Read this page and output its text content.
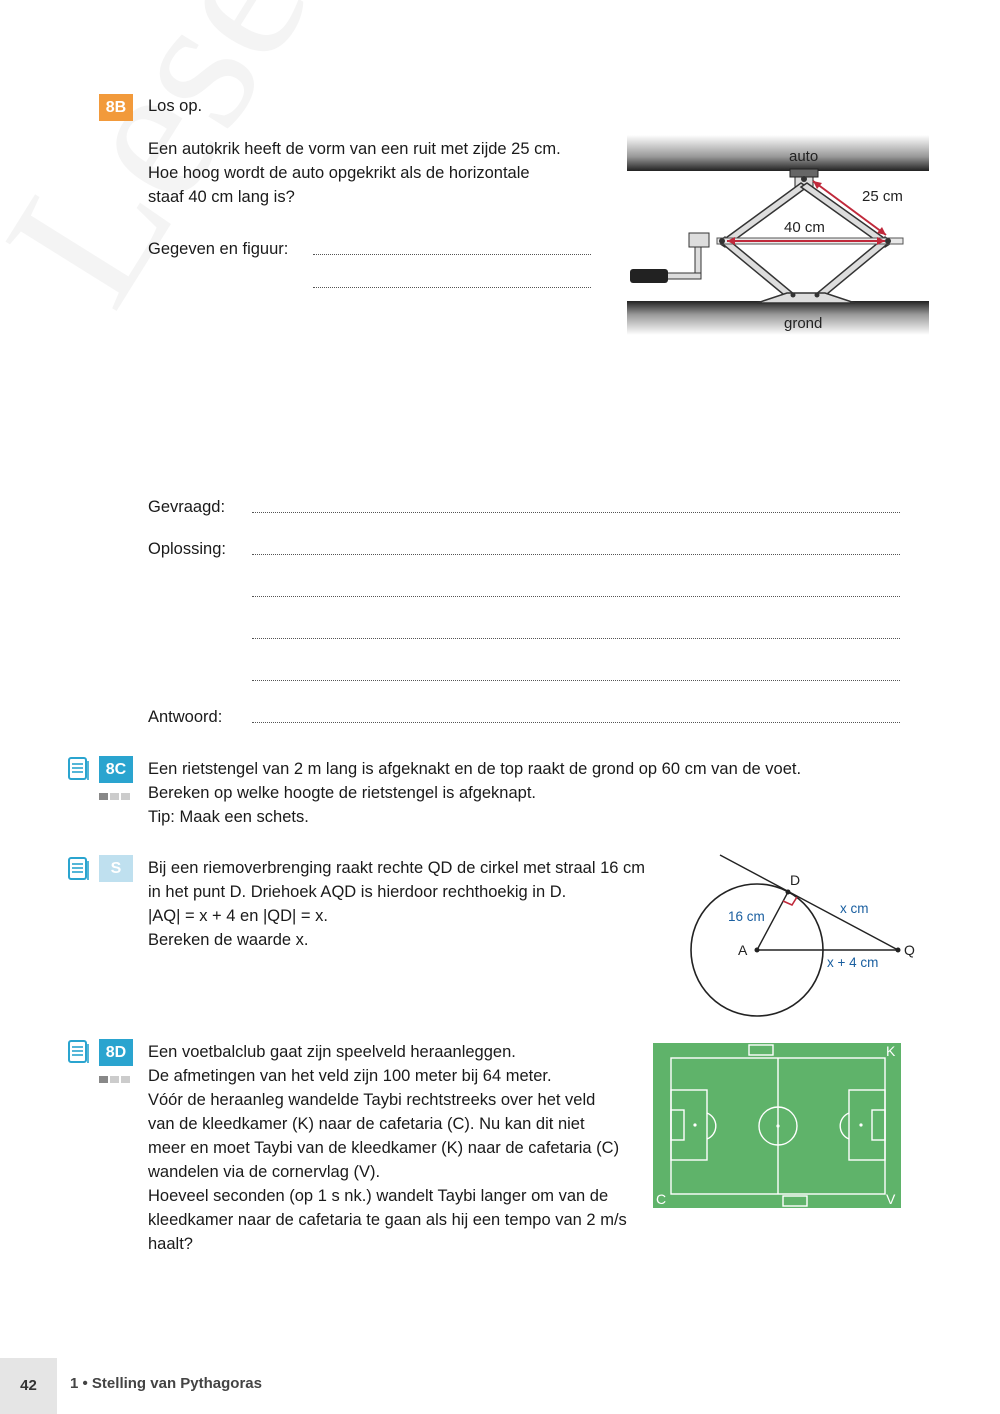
8B	Los op.
Een autokrik heeft de vorm van een ruit met zijde 25 cm.
Hoe hoog wordt de auto opgekrikt als de horizontale
staaf 40 cm lang is?
Gegeven en figuur:
auto
25 cm
40 cm
grond
Gevraagd:
Oplossing:
Antwoord:
8C	Een rietstengel van 2 m lang is afgeknakt en de top raakt de grond op 60 cm van de voet.
Bereken op welke hoogte de rietstengel is afgeknapt.
Tip: Maak een schets.
S	Bij een riemoverbrenging raakt rechte QD de cirkel met straal 16 cm
in het punt D. Driehoek AQD is hierdoor rechthoekig in D.
|AQ| = x + 4 en |QD| = x.
Bereken de waarde x.
D
A	Q
16 cm
x cm
x + 4 cm
8D	Een voetbalclub gaat zijn speelveld heraanleggen.
De afmetingen van het veld zijn 100 meter bij 64 meter.
Vóór de heraanleg wandelde Taybi rechtstreeks over het veld
van de kleedkamer (K) naar de cafetaria (C). Nu kan dit niet
meer en moet Taybi van de kleedkamer (K) naar de cafetaria (C)
wandelen via de cornervlag (V).
Hoeveel seconden (op 1 s nk.) wandelt Taybi langer om van de
kleedkamer naar de cafetaria te gaan als hij een tempo van 2 m/s
haalt?
K
C	V
42	1 • Stelling van Pythagoras
